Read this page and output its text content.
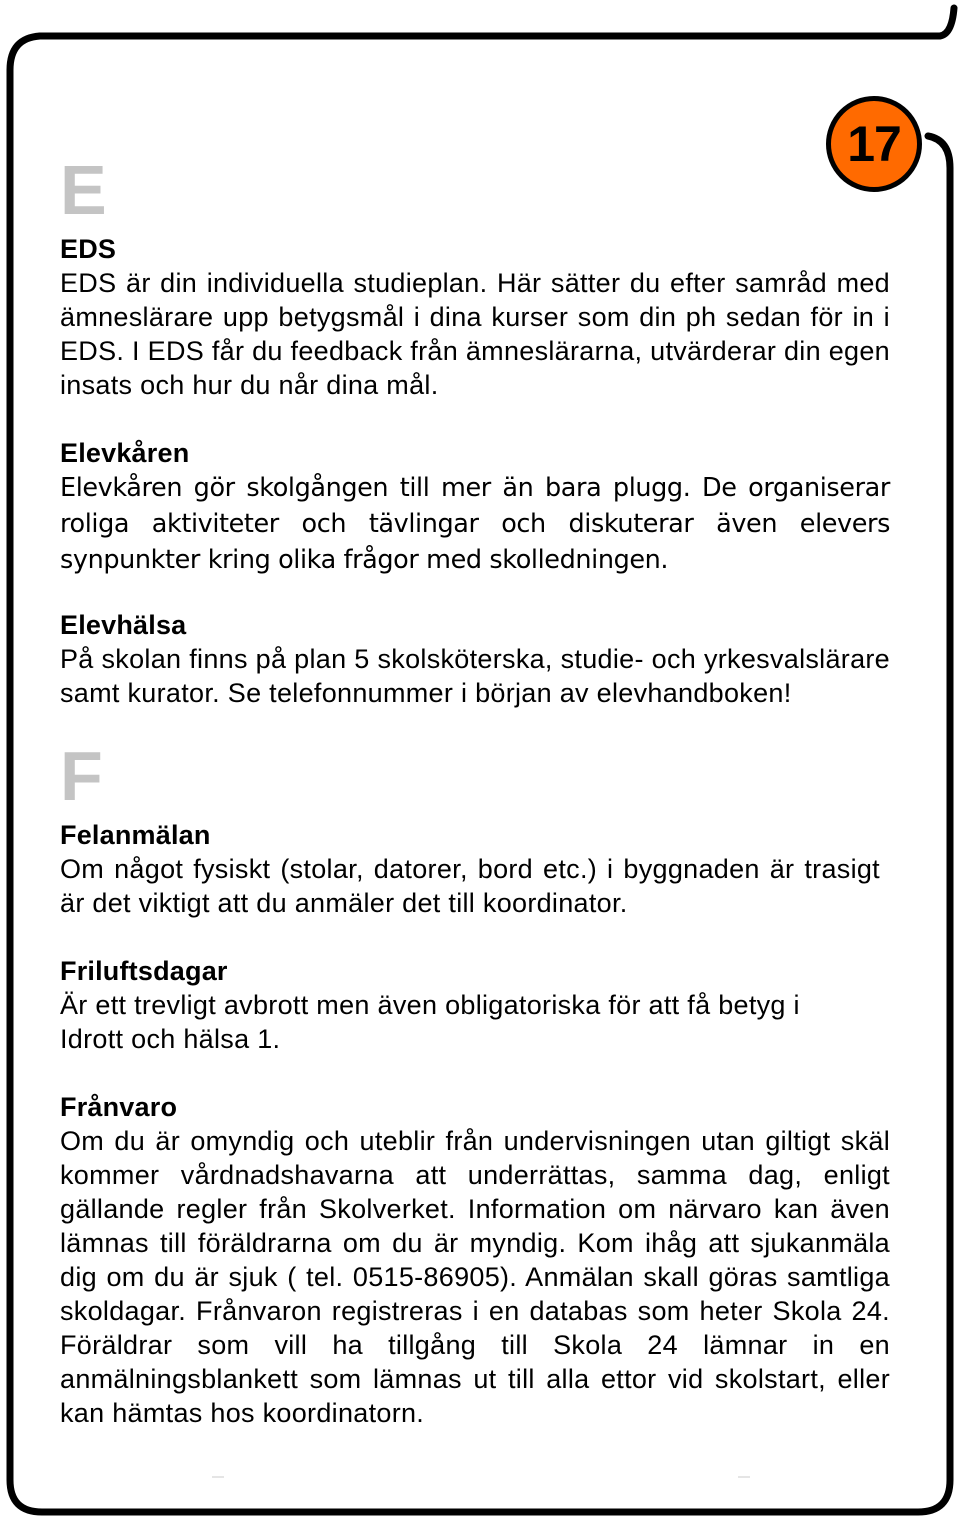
17
E
EDS

EDS är din individuella studieplan. Här sätter du efter samråd med ämneslärare upp betygsmål i dina kurser som din ph sedan för in i EDS. I EDS får du feedback från ämneslärarna, utvärderar din egen insats och hur du når dina mål.

Elevkåren

Elevkåren gör skolgången till mer än bara plugg. De organiserar roliga aktiviteter och tävlingar och diskuterar även elevers synpunkter kring olika frågor med skolledningen.

Elevhälsa

På skolan finns på plan 5 skolsköterska, studie- och yrkesvalslärare samt kurator. Se telefonnummer i början av elevhandboken!

F
Felanmälan

Om något fysiskt (stolar, datorer, bord etc.) i byggnaden är trasigt är det viktigt att du anmäler det till koordinator.

Friluftsdagar

Är ett trevligt avbrott men även obligatoriska för att få betyg i Idrott och hälsa 1.

Frånvaro

Om du är omyndig och uteblir från undervisningen utan giltigt skäl kommer vårdnadshavarna att underrättas, samma dag, enligt gällande regler från Skolverket. Information om närvaro kan även lämnas till föräldrarna om du är myndig. Kom ihåg att sjukanmäla dig om du är sjuk ( tel. 0515-86905). Anmälan skall göras samtliga skoldagar. Frånvaron registreras i en databas som heter Skola 24. Föräldrar som vill ha tillgång till Skola 24 lämnar in en anmälningsblankett som lämnas ut till alla ettor vid skolstart, eller kan hämtas hos koordinatorn.
